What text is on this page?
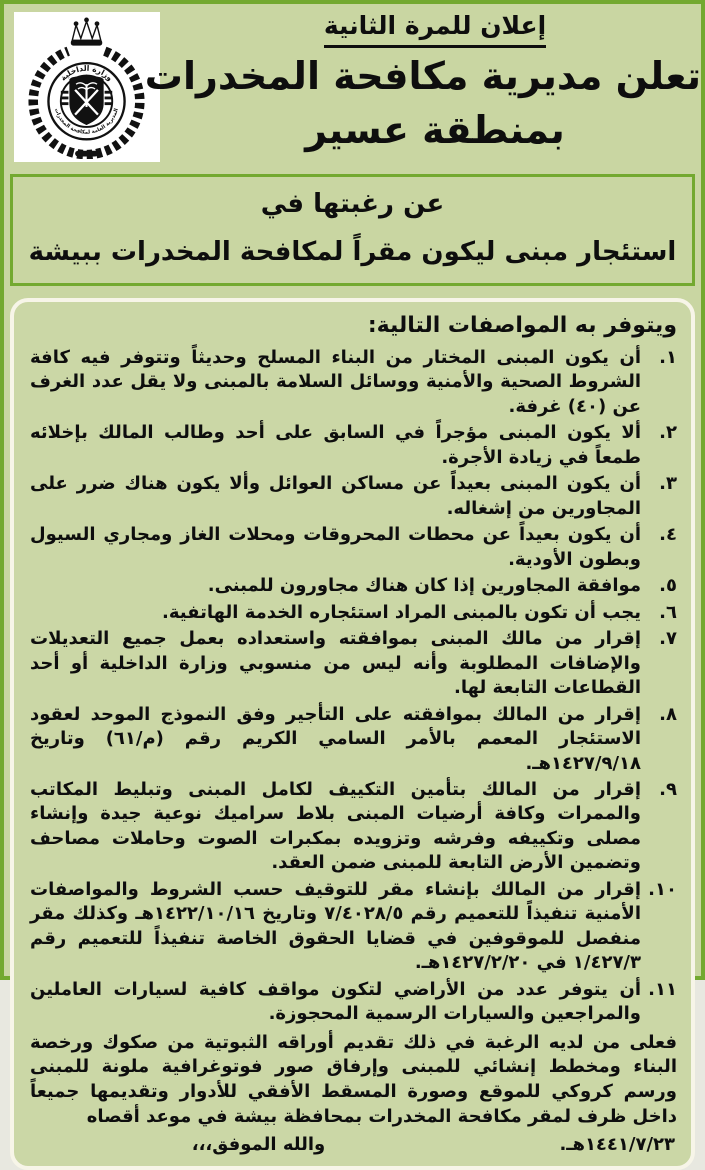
وزارة الداخلية
المديرية العامة لمكافحة المخدرات
إعلان للمرة الثانية
تعلن مديرية مكافحة المخدرات
بمنطقة عسير
عن رغبتها في
استئجار مبنى ليكون مقراً لمكافحة المخدرات ببيشة
ويتوفر به المواصفات التالية:
١.
أن يكون المبنى المختار من البناء المسلح وحديثاً وتتوفر فيه كافة الشروط الصحية والأمنية ووسائل السلامة بالمبنى ولا يقل عدد الغرف عن (٤٠) غرفة.
٢.
ألا يكون المبنى مؤجراً في السابق على أحد وطالب المالك بإخلائه طمعاً في زيادة الأجرة.
٣.
أن يكون المبنى بعيداً عن مساكن العوائل وألا يكون هناك ضرر على المجاورين من إشغاله.
٤.
أن يكون بعيداً عن محطات المحروقات ومحلات الغاز ومجاري السيول وبطون الأودية.
٥.
موافقة المجاورين إذا كان هناك مجاورون للمبنى.
٦.
يجب أن تكون بالمبنى المراد استئجاره الخدمة الهاتفية.
٧.
إقرار من مالك المبنى بموافقته واستعداده بعمل جميع التعديلات والإضافات المطلوبة وأنه ليس من منسوبي وزارة الداخلية أو أحد القطاعات التابعة لها.
٨.
إقرار من المالك بموافقته على التأجير وفق النموذج الموحد لعقود الاستئجار المعمم بالأمر السامي الكريم رقم (م/٦١) وتاريخ ١٤٢٧/٩/١٨هـ.
٩.
إقرار من المالك بتأمين التكييف لكامل المبنى وتبليط المكاتب والممرات وكافة أرضيات المبنى بلاط سراميك نوعية جيدة وإنشاء مصلى وتكييفه وفرشه وتزويده بمكبرات الصوت وحاملات مصاحف وتضمين الأرض التابعة للمبنى ضمن العقد.
١٠.
إقرار من المالك بإنشاء مقر للتوقيف حسب الشروط والمواصفات الأمنية تنفيذاً للتعميم رقم ٧/٤٠٢٨/٥ وتاريخ ١٤٢٢/١٠/١٦هـ وكذلك مقر منفصل للموقوفين في قضايا الحقوق الخاصة تنفيذاً للتعميم رقم ١/٤٢٧/٣ في ١٤٢٧/٢/٢٠هـ.
١١.
أن يتوفر عدد من الأراضي لتكون مواقف كافية لسيارات العاملين والمراجعين والسيارات الرسمية المحجوزة.
فعلى من لديه الرغبة في ذلك تقديم أوراقه الثبوتية من صكوك ورخصة البناء ومخطط إنشائي للمبنى وإرفاق صور فوتوغرافية ملونة للمبنى ورسم كروكي للموقع وصورة المسقط الأفقي للأدوار وتقديمها جميعاً داخل ظرف لمقر مكافحة المخدرات بمحافظة بيشة في موعد أقصاه
١٤٤١/٧/٢٣هـ.
والله الموفق،،،
